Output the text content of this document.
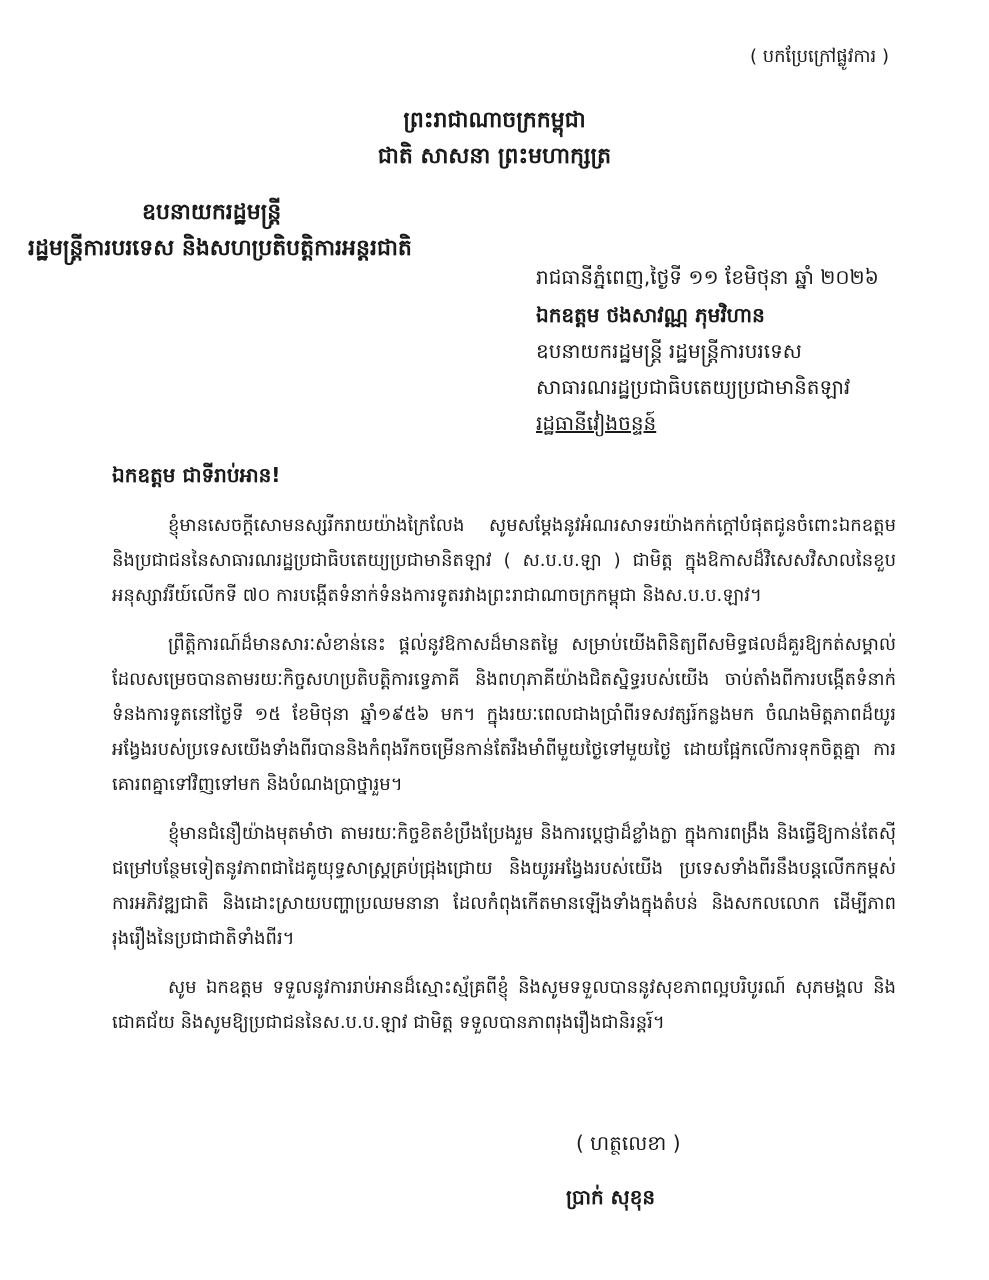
( បកប្រែក្រៅផ្លូវការ )
ព្រះរាជាណាចក្រកម្ពុជា
ជាតិ សាសនា ព្រះមហាក្សត្រ
ឧបនាយករដ្ឋមន្ត្រី
រដ្ឋមន្ត្រីការបរទេស និងសហប្រតិបត្តិការអន្តរជាតិ
រាជធានីភ្នំពេញ,ថ្ងៃទី ១១ ខែមិថុនា ឆ្នាំ ២០២៦
ឯកឧត្តម ថងសាវណ្ណ ភុមវិហាន
ឧបនាយករដ្ឋមន្ត្រី រដ្ឋមន្ត្រីការបរទេស
សាធារណរដ្ឋប្រជាធិបតេយ្យប្រជាមានិតឡាវ
រដ្ឋធានីវៀងចន្ទន៍
ឯកឧត្តម ជាទីរាប់អាន!

ខ្ញុំមានសេចក្តីសោមនស្សរីករាយយ៉ាងក្រៃលែង សូមសម្តែងនូវអំណរសាទរយ៉ាងកក់ក្តៅបំផុតជូនចំពោះឯកឧត្តម និងប្រជាជននៃសាធារណរដ្ឋប្រជាធិបតេយ្យប្រជាមានិតឡាវ ( ស.ប.ប.ឡា ) ជាមិត្ត ក្នុងឱកាសដ៏វិសេសវិសាលនៃខួបអនុស្សាវរីយ៍លើកទី ៧០ ការបង្កើតទំនាក់ទំនងការទូតរវាងព្រះរាជាណាចក្រកម្ពុជា និងស.ប.ប.ឡាវ។

ព្រឹត្តិការណ៍ដ៏មានសារៈសំខាន់នេះ ផ្តល់នូវឱកាសដ៏មានតម្លៃ សម្រាប់យើងពិនិត្យពីសមិទ្ធផលដ៏គួរឱ្យកត់សម្គាល់ ដែលសម្រេចបានតាមរយៈកិច្ចសហប្រតិបត្តិការទ្វេភាគី និងពហុភាគីយ៉ាងជិតស្និទ្ធរបស់យើង ចាប់តាំងពីការបង្កើតទំនាក់ទំនងការទូតនៅថ្ងៃទី ១៥ ខែមិថុនា ឆ្នាំ១៩៥៦ មក។ ក្នុងរយៈពេលជាងប្រាំពីរទសវត្សរ៍កន្លងមក ចំណងមិត្តភាពដ៏យូរអង្វែងរបស់ប្រទេសយើងទាំងពីរបាននិងកំពុងរីកចម្រើនកាន់តែរឹងមាំពីមួយថ្ងៃទៅមួយថ្ងៃ ដោយផ្អែកលើការទុកចិត្តគ្នា ការគោរពគ្នាទៅវិញទៅមក និងបំណងប្រាថ្នារួម។

ខ្ញុំមានជំនឿយ៉ាងមុតមាំថា តាមរយៈកិច្ចខិតខំប្រឹងប្រែងរួម និងការប្តេជ្ញាដ៏ខ្លាំងក្លា ក្នុងការពង្រឹង និងធ្វើឱ្យកាន់តែស៊ីជម្រៅបន្ថែមទៀតនូវភាពជាដៃគូយុទ្ធសាស្ត្រគ្រប់ជ្រុងជ្រោយ និងយូរអង្វែងរបស់យើង ប្រទេសទាំងពីរនឹងបន្តលើកកម្ពស់ការអភិវឌ្ឍជាតិ និងដោះស្រាយបញ្ហាប្រឈមនានា ដែលកំពុងកើតមានឡើងទាំងក្នុងតំបន់ និងសកលលោក ដើម្បីភាពរុងរឿងនៃប្រជាជាតិទាំងពីរ។

សូម ឯកឧត្តម ទទួលនូវការរាប់អានដ៏ស្មោះស្ម័គ្រពីខ្ញុំ និងសូមទទួលបាននូវសុខភាពល្អបរិបូរណ៍ សុភមង្គល និងជោគជ័យ និងសូមឱ្យប្រជាជននៃស.ប.ប.ឡាវ ជាមិត្ត ទទួលបានភាពរុងរឿងជានិរន្តរ៍។

( ហត្ថលេខា )
ប្រាក់ សុខុន
